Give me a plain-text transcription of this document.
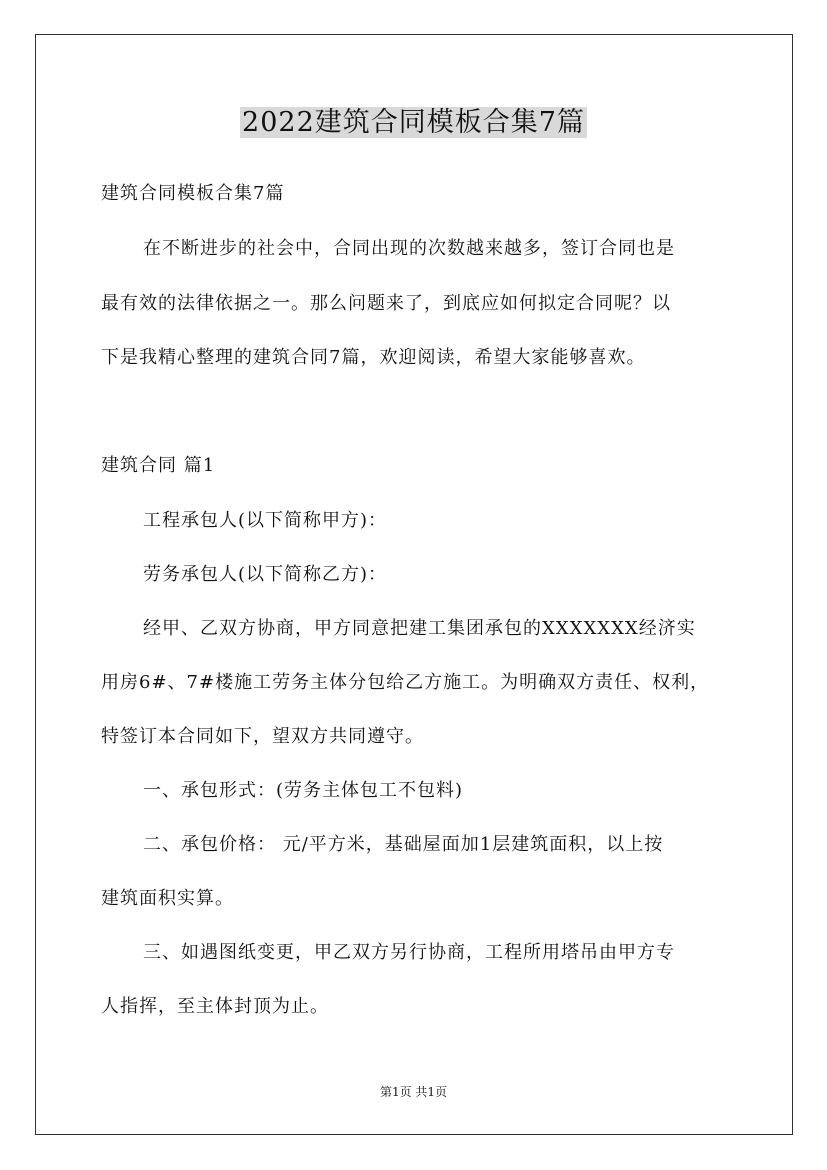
2022建筑合同模板合集7篇
建筑合同模板合集7篇
在不断进步的社会中，合同出现的次数越来越多，签订合同也是
最有效的法律依据之一。那么问题来了，到底应如何拟定合同呢？以
下是我精心整理的建筑合同7篇，欢迎阅读，希望大家能够喜欢。
建筑合同 篇1
工程承包人(以下简称甲方)：
劳务承包人(以下简称乙方)：
经甲、乙双方协商，甲方同意把建工集团承包的XXXXXXX经济实
用房6#、7#楼施工劳务主体分包给乙方施工。为明确双方责任、权利，
特签订本合同如下，望双方共同遵守。
一、承包形式：(劳务主体包工不包料)
二、承包价格： 元/平方米，基础屋面加1层建筑面积，以上按
建筑面积实算。
三、如遇图纸变更，甲乙双方另行协商，工程所用塔吊由甲方专
人指挥，至主体封顶为止。
第1页 共1页
